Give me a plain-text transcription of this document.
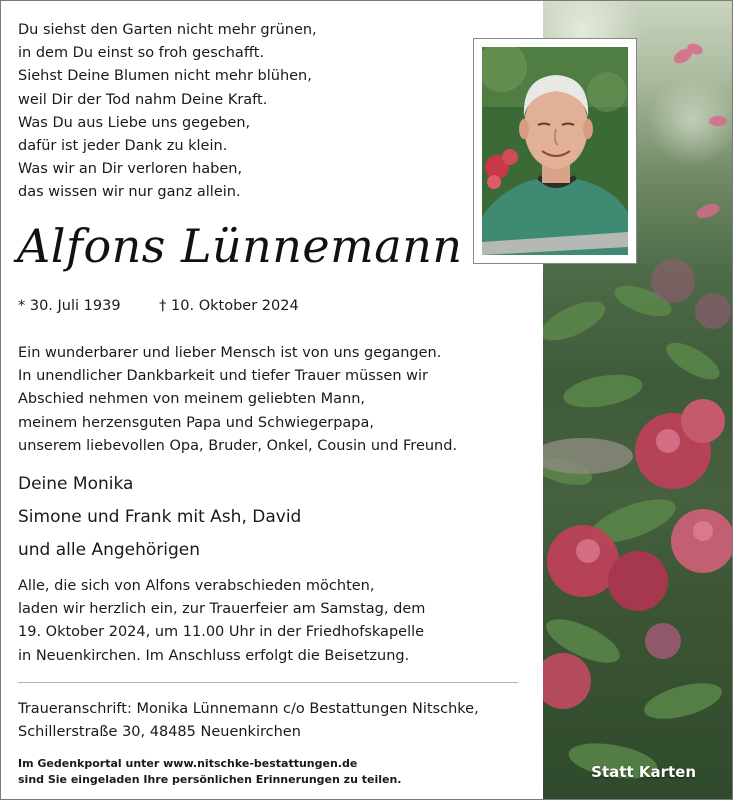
Du siehst den Garten nicht mehr grünen,
in dem Du einst so froh geschafft.
Siehst Deine Blumen nicht mehr blühen,
weil Dir der Tod nahm Deine Kraft.
Was Du aus Liebe uns gegeben,
dafür ist jeder Dank zu klein.
Was wir an Dir verloren haben,
das wissen wir nur ganz allein.
Alfons Lünnemann
* 30. Juli 1939	† 10. Oktober 2024
Ein wunderbarer und lieber Mensch ist von uns gegangen.
In unendlicher Dankbarkeit und tiefer Trauer müssen wir
Abschied nehmen von meinem geliebten Mann,
meinem herzensguten Papa und Schwiegerpapa,
unserem liebevollen Opa, Bruder, Onkel, Cousin und Freund.
Deine Monika
Simone und Frank mit Ash, David
und alle Angehörigen
Alle, die sich von Alfons verabschieden möchten,
laden wir herzlich ein, zur Trauerfeier am Samstag, dem
19. Oktober 2024, um 11.00 Uhr in der Friedhofskapelle
in Neuenkirchen. Im Anschluss erfolgt die Beisetzung.
Traueranschrift: Monika Lünnemann c/o Bestattungen Nitschke,
Schillerstraße 30, 48485 Neuenkirchen
Im Gedenkportal unter www.nitschke-bestattungen.de
sind Sie eingeladen Ihre persönlichen Erinnerungen zu teilen.	Statt Karten
